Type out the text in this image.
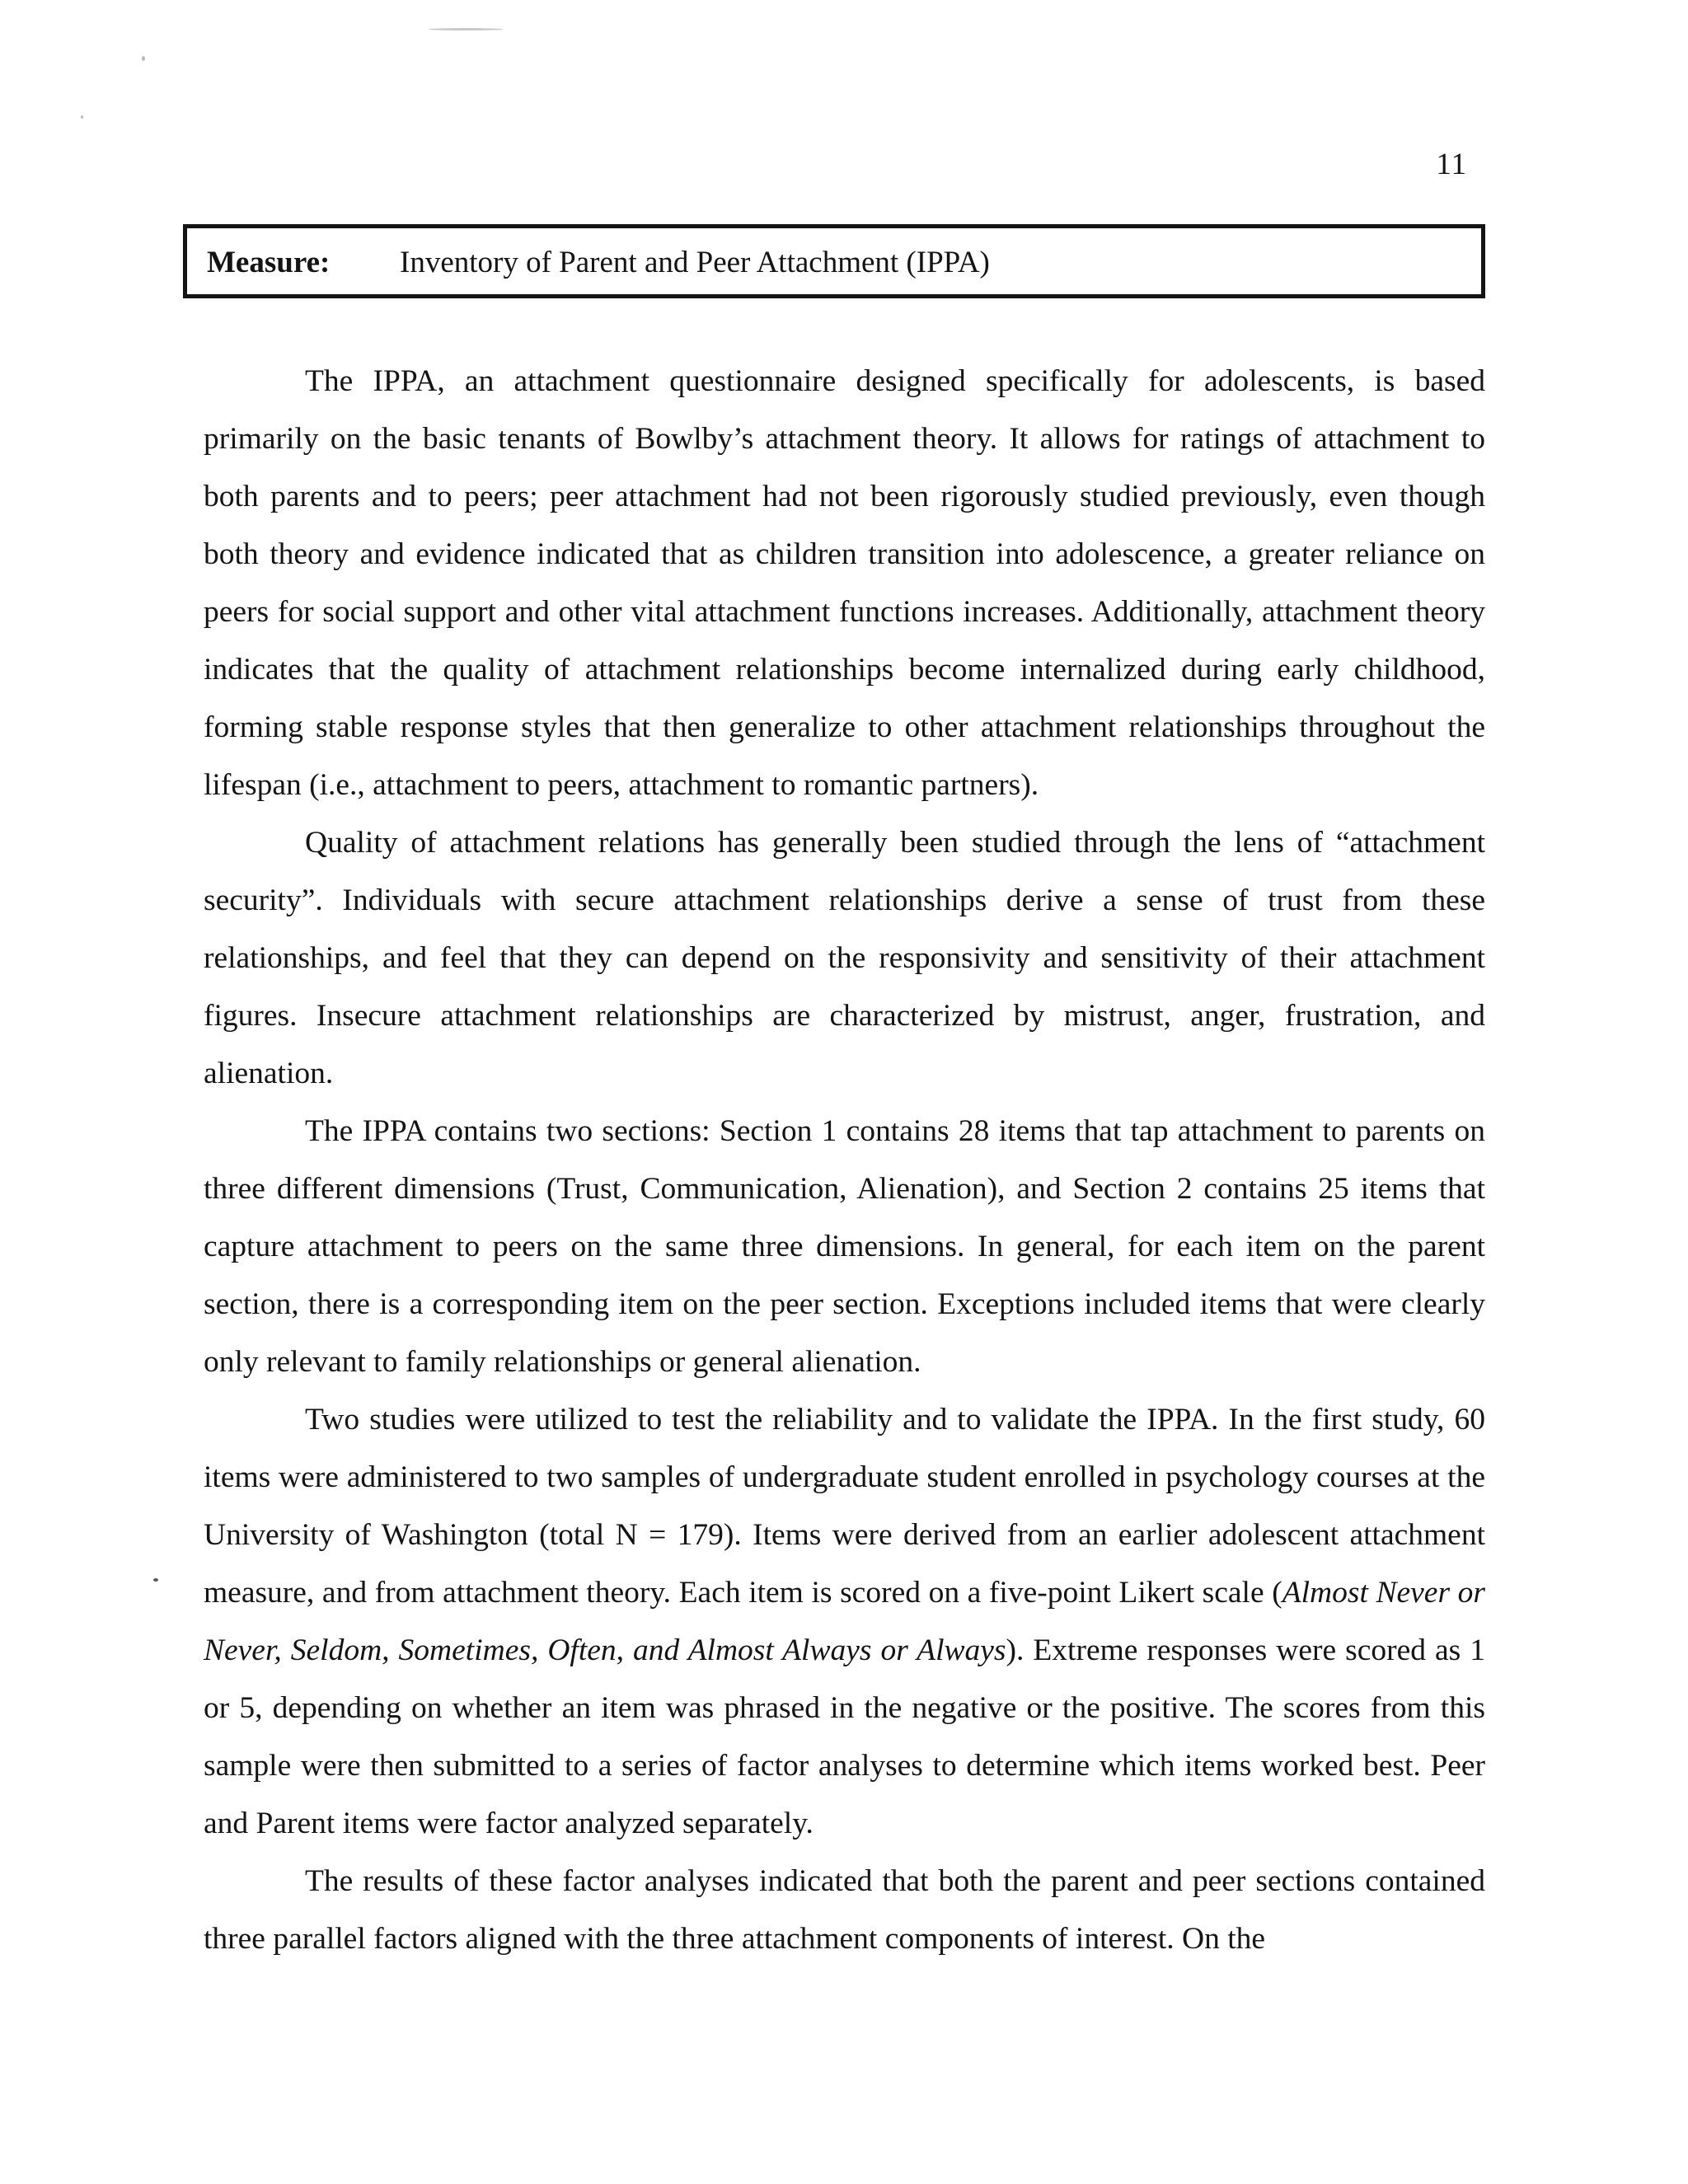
11
Measure: Inventory of Parent and Peer Attachment (IPPA)

The IPPA, an attachment questionnaire designed specifically for adolescents, is based primarily on the basic tenants of Bowlby’s attachment theory. It allows for ratings of attachment to both parents and to peers; peer attachment had not been rigorously studied previously, even though both theory and evidence indicated that as children transition into adolescence, a greater reliance on peers for social support and other vital attachment functions increases. Additionally, attachment theory indicates that the quality of attachment relationships become internalized during early childhood, forming stable response styles that then generalize to other attachment relationships throughout the lifespan (i.e., attachment to peers, attachment to romantic partners).

Quality of attachment relations has generally been studied through the lens of “attachment security”. Individuals with secure attachment relationships derive a sense of trust from these relationships, and feel that they can depend on the responsivity and sensitivity of their attachment figures. Insecure attachment relationships are characterized by mistrust, anger, frustration, and alienation.

The IPPA contains two sections: Section 1 contains 28 items that tap attachment to parents on three different dimensions (Trust, Communication, Alienation), and Section 2 contains 25 items that capture attachment to peers on the same three dimensions. In general, for each item on the parent section, there is a corresponding item on the peer section. Exceptions included items that were clearly only relevant to family relationships or general alienation.

Two studies were utilized to test the reliability and to validate the IPPA. In the first study, 60 items were administered to two samples of undergraduate student enrolled in psychology courses at the University of Washington (total N = 179). Items were derived from an earlier adolescent attachment measure, and from attachment theory. Each item is scored on a five-point Likert scale (Almost Never or Never, Seldom, Sometimes, Often, and Almost Always or Always). Extreme responses were scored as 1 or 5, depending on whether an item was phrased in the negative or the positive. The scores from this sample were then submitted to a series of factor analyses to determine which items worked best. Peer and Parent items were factor analyzed separately.

The results of these factor analyses indicated that both the parent and peer sections contained three parallel factors aligned with the three attachment components of interest. On the
